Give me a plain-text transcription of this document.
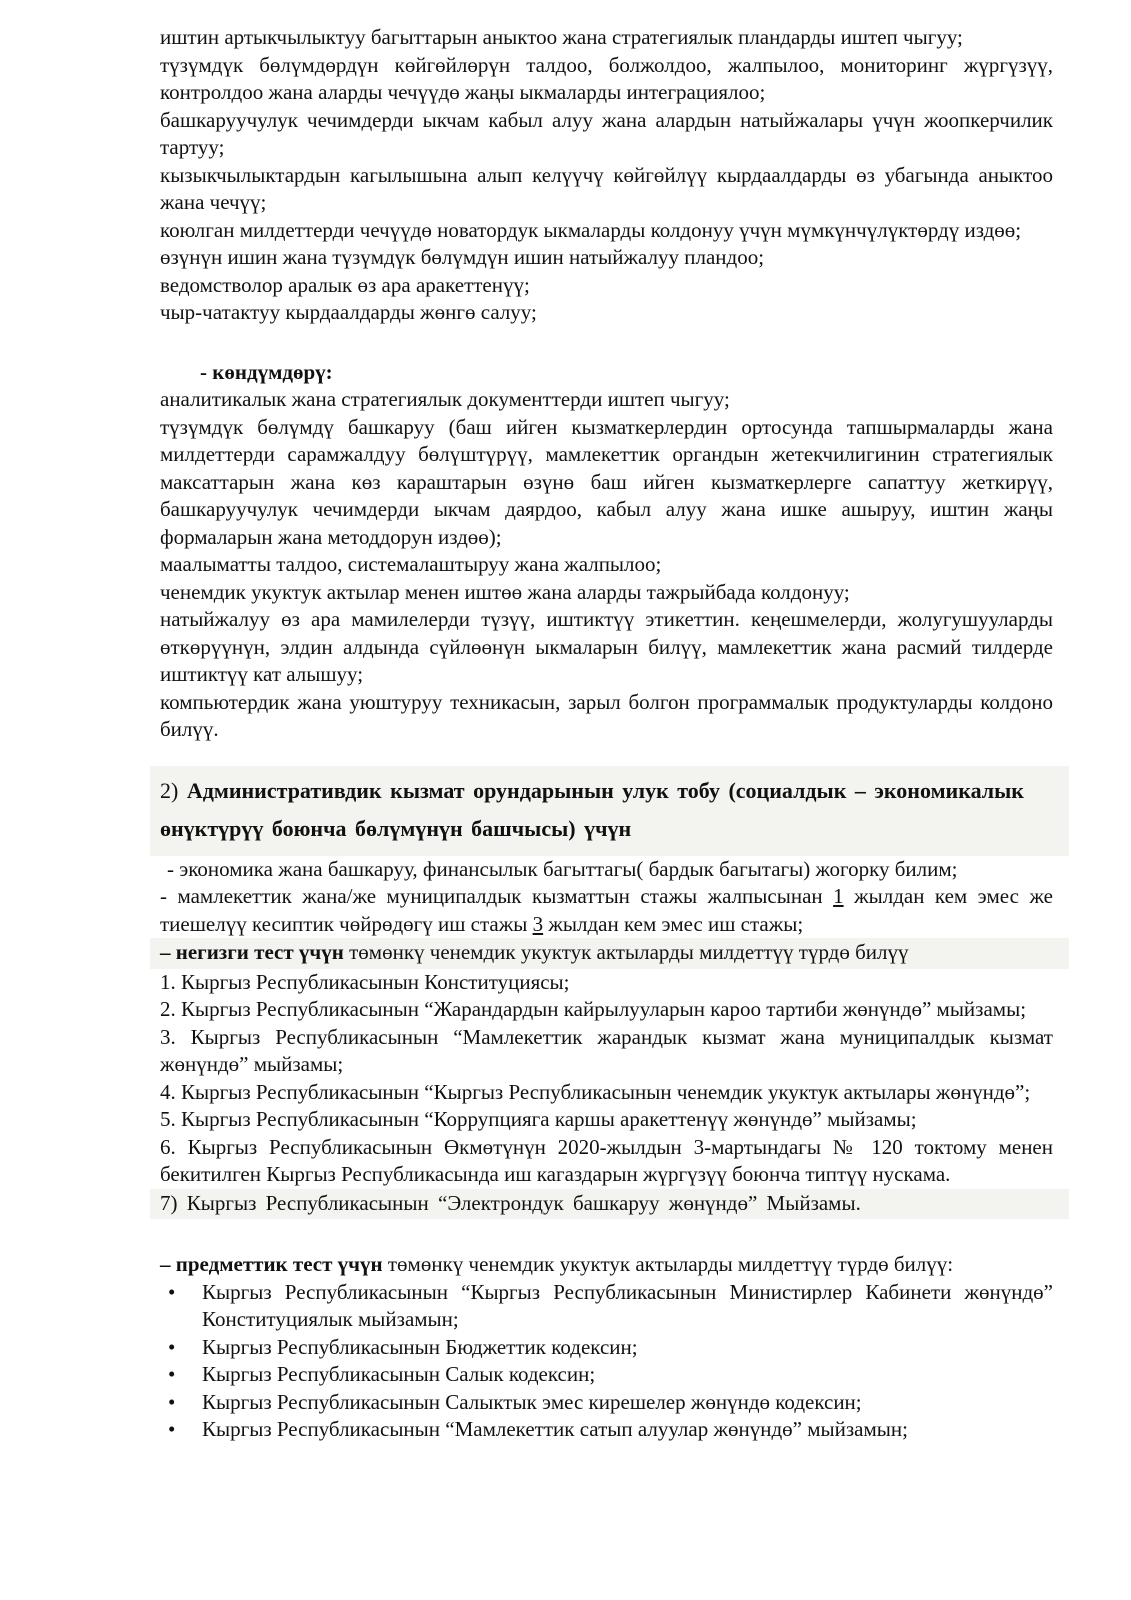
иштин артыкчылыктуу багыттарын аныктоо жана стратегиялык пландарды иштеп чыгуу;

түзүмдүк бөлүмдөрдүн көйгөйлөрүн талдоо, болжолдоо, жалпылоо, мониторинг жүргүзүү, контролдоо жана аларды чечүүдө жаңы ыкмаларды интеграциялоо;

башкаруучулук чечимдерди ыкчам кабыл алуу жана алардын натыйжалары үчүн жоопкерчилик тартуу;

кызыкчылыктардын кагылышына алып келүүчү көйгөйлүү кырдаалдарды өз убагында аныктоо жана чечүү;

коюлган милдеттерди чечүүдө новатордук ыкмаларды колдонуу үчүн мүмкүнчүлүктөрдү издөө;

өзүнүн ишин жана түзүмдүк бөлүмдүн ишин натыйжалуу пландоо;

ведомстволор аралык өз ара аракеттенүү;

чыр-чатактуу кырдаалдарды жөнгө салуу;

- көндүмдөрү:

аналитикалык жана стратегиялык документтерди иштеп чыгуу;

түзүмдүк бөлүмдү башкаруу (баш ийген кызматкерлердин ортосунда тапшырмаларды жана милдеттерди сарамжалдуу бөлүштүрүү, мамлекеттик органдын жетекчилигинин стратегиялык максаттарын жана көз караштарын өзүнө баш ийген кызматкерлерге сапаттуу жеткирүү, башкаруучулук чечимдерди ыкчам даярдоо, кабыл алуу жана ишке ашыруу, иштин жаңы формаларын жана методдорун издөө);

маалыматты талдоо, системалаштыруу жана жалпылоо;

ченемдик укуктук актылар менен иштөө жана аларды тажрыйбада колдонуу;

натыйжалуу өз ара мамилелерди түзүү, иштиктүү этикеттин. кеңешмелерди, жолугушууларды өткөрүүнүн, элдин алдында сүйлөөнүн ыкмаларын билүү, мамлекеттик жана расмий тилдерде иштиктүү кат алышуу;

компьютердик жана уюштуруу техникасын, зарыл болгон программалык продуктуларды колдоно билүү.

2) Административдик кызмат орундарынын улук тобу (социалдык – экономикалык өнүктүрүү боюнча бөлүмүнүн башчысы) үчүн

- экономика жана башкаруу, финансылык багыттагы( бардык багытагы) жогорку билим;

- мамлекеттик жана/же муниципалдык кызматтын стажы жалпысынан 1 жылдан кем эмес же тиешелүү кесиптик чөйрөдөгү иш стажы 3 жылдан кем эмес иш стажы;

– негизги тест үчүн төмөнкү ченемдик укуктук актыларды милдеттүү түрдө билүү

1. Кыргыз Республикасынын Конституциясы;

2. Кыргыз Республикасынын “Жарандардын кайрылууларын кароо тартиби жөнүндө” мыйзамы;

3. Кыргыз Республикасынын “Мамлекеттик жарандык кызмат жана муниципалдык кызмат жөнүндө” мыйзамы;

4. Кыргыз Республикасынын “Кыргыз Республикасынын ченемдик укуктук актылары жөнүндө”;

5. Кыргыз Республикасынын “Коррупцияга каршы аракеттенүү жөнүндө” мыйзамы;

6. Кыргыз Республикасынын Өкмөтүнүн 2020-жылдын 3-мартындагы № 120 токтому менен бекитилген Кыргыз Республикасында иш кагаздарын жүргүзүү боюнча типтүү нускама.

7) Кыргыз Республикасынын “Электрондук башкаруу жөнүндө” Мыйзамы.

– предметтик тест үчүн төмөнкү ченемдик укуктук актыларды милдеттүү түрдө билүү:

• Кыргыз Республикасынын “Кыргыз Республикасынын Министирлер Кабинети жөнүндө” Конституциялык мыйзамын;

• Кыргыз Республикасынын Бюджеттик кодексин;

• Кыргыз Республикасынын Салык кодексин;

• Кыргыз Республикасынын Салыктык эмес кирешелер жөнүндө кодексин;

• Кыргыз Республикасынын “Мамлекеттик сатып алуулар жөнүндө” мыйзамын;
